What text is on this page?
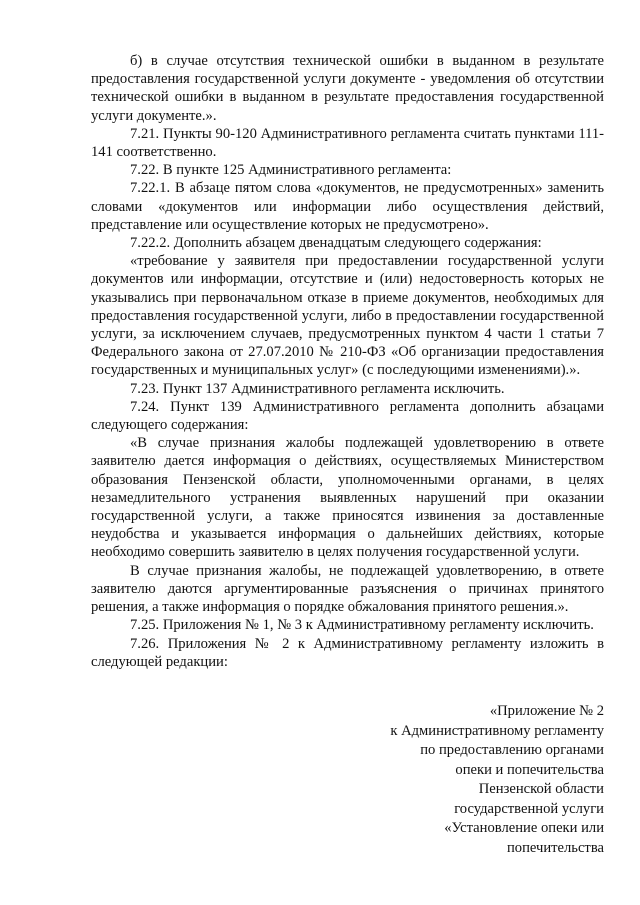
б) в случае отсутствия технической ошибки в выданном в результате предоставления государственной услуги документе - уведомления об отсутствии технической ошибки в выданном в результате предоставления государственной услуги документе.».

7.21. Пункты 90-120 Административного регламента считать пунктами 111-141 соответственно.

7.22. В пункте 125 Административного регламента:

7.22.1. В абзаце пятом слова «документов, не предусмотренных» заменить словами «документов или информации либо осуществления действий, представление или осуществление которых не предусмотрено».

7.22.2. Дополнить абзацем двенадцатым следующего содержания:

«требование у заявителя при предоставлении государственной услуги документов или информации, отсутствие и (или) недостоверность которых не указывались при первоначальном отказе в приеме документов, необходимых для предоставления государственной услуги, либо в предоставлении государственной услуги, за исключением случаев, предусмотренных пунктом 4 части 1 статьи 7 Федерального закона от 27.07.2010 № 210-ФЗ «Об организации предоставления государственных и муниципальных услуг» (с последующими изменениями).».

7.23. Пункт 137 Административного регламента исключить.

7.24. Пункт 139 Административного регламента дополнить абзацами следующего содержания:

«В случае признания жалобы подлежащей удовлетворению в ответе заявителю дается информация о действиях, осуществляемых Министерством образования Пензенской области, уполномоченными органами, в целях незамедлительного устранения выявленных нарушений при оказании государственной услуги, а также приносятся извинения за доставленные неудобства и указывается информация о дальнейших действиях, которые необходимо совершить заявителю в целях получения государственной услуги.

В случае признания жалобы, не подлежащей удовлетворению, в ответе заявителю даются аргументированные разъяснения о причинах принятого решения, а также информация о порядке обжалования принятого решения.».

7.25. Приложения № 1, № 3 к Административному регламенту исключить.

7.26. Приложения № 2 к Административному регламенту изложить в следующей редакции:

«Приложение № 2
к Административному регламенту
по предоставлению органами
опеки и попечительства
Пензенской области
государственной услуги
«Установление опеки или
попечительства
